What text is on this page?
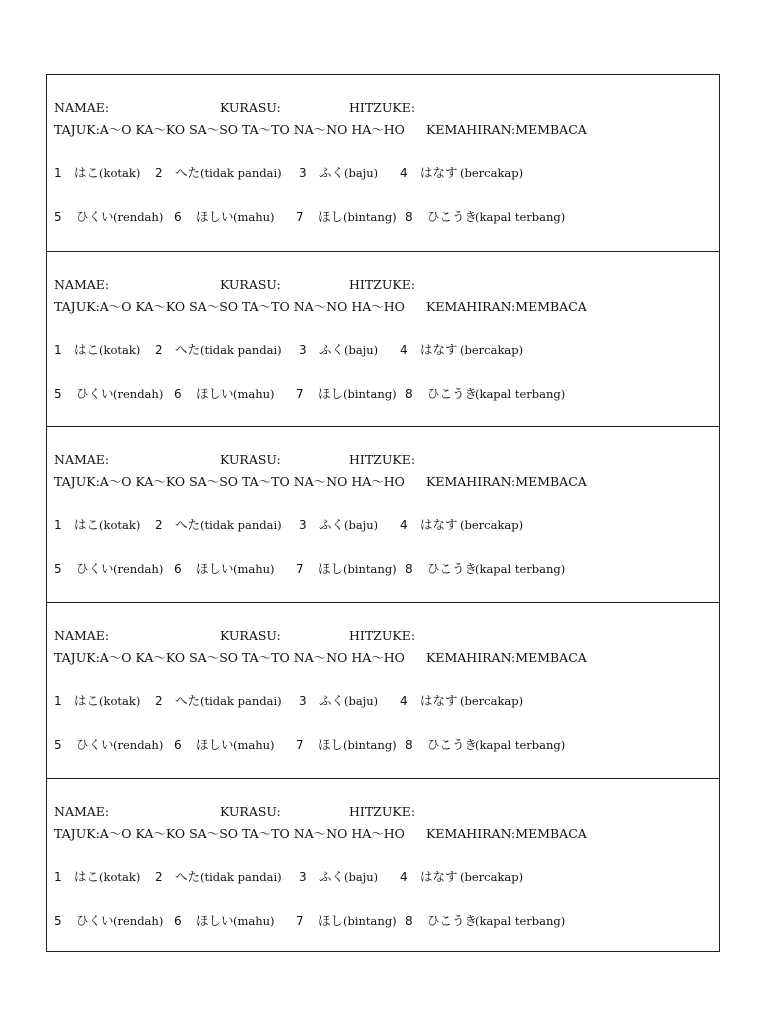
NAMAE:	KURASU:	HITZUKE:
TAJUK:A〜O KA〜KO SA〜SO TA〜TO NA〜NO HA〜HO KEMAHIRAN:MEMBACA
1 はこ (kotak) 2 へた (tidak pandai) 3 ふく (baju) 4 はなす (bercakap)
5 ひくい (rendah) 6 ほしい (mahu) 7 ほし (bintang) 8 ひこうき
(kapal terbang)
NAMAE:	KURASU:	HITZUKE:
TAJUK:A〜O KA〜KO SA〜SO TA〜TO NA〜NO HA〜HO KEMAHIRAN:MEMBACA
1 はこ (kotak) 2 へた (tidak pandai) 3 ふく (baju) 4 はなす (bercakap)
5 ひくい (rendah) 6 ほしい (mahu) 7 ほし (bintang) 8 ひこうき
(kapal terbang)
NAMAE:	KURASU:	HITZUKE:
TAJUK:A〜O KA〜KO SA〜SO TA〜TO NA〜NO HA〜HO KEMAHIRAN:MEMBACA
1 はこ (kotak) 2 へた (tidak pandai) 3 ふく (baju) 4 はなす (bercakap)
5 ひくい (rendah) 6 ほしい (mahu) 7 ほし (bintang) 8 ひこうき
(kapal terbang)
NAMAE:	KURASU:	HITZUKE:
TAJUK:A〜O KA〜KO SA〜SO TA〜TO NA〜NO HA〜HO KEMAHIRAN:MEMBACA
1 はこ (kotak) 2 へた (tidak pandai) 3 ふく (baju) 4 はなす (bercakap)
5 ひくい (rendah) 6 ほしい (mahu) 7 ほし (bintang) 8 ひこうき
(kapal terbang)
NAMAE:	KURASU:	HITZUKE:
TAJUK:A〜O KA〜KO SA〜SO TA〜TO NA〜NO HA〜HO KEMAHIRAN:MEMBACA
1 はこ (kotak) 2 へた (tidak pandai) 3 ふく (baju) 4 はなす (bercakap)
5 ひくい (rendah) 6 ほしい (mahu) 7 ほし (bintang) 8 ひこうき
(kapal terbang)
